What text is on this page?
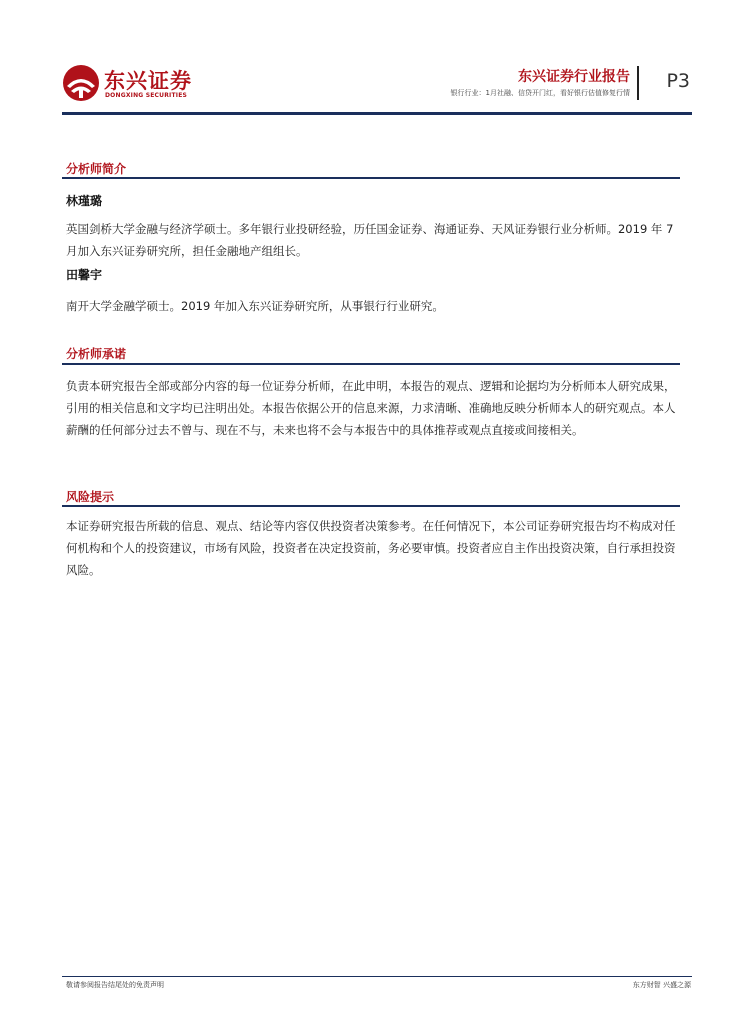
东兴证券
DONGXING SECURITIES
东兴证券行业报告
银行行业：1月社融、信贷开门红，看好银行估值修复行情
P3
分析师简介
林瑾璐
英国剑桥大学金融与经济学硕士。多年银行业投研经验，历任国金证券、海通证券、天风证券银行业分析师。2019 年 7 月加入东兴证券研究所，担任金融地产组组长。
田馨宇
南开大学金融学硕士。2019 年加入东兴证券研究所，从事银行行业研究。
分析师承诺
负责本研究报告全部或部分内容的每一位证券分析师，在此申明，本报告的观点、逻辑和论据均为分析师本人研究成果，引用的相关信息和文字均已注明出处。本报告依据公开的信息来源，力求清晰、准确地反映分析师本人的研究观点。本人薪酬的任何部分过去不曾与、现在不与，未来也将不会与本报告中的具体推荐或观点直接或间接相关。
风险提示
本证券研究报告所载的信息、观点、结论等内容仅供投资者决策参考。在任何情况下，本公司证券研究报告均不构成对任何机构和个人的投资建议，市场有风险，投资者在决定投资前，务必要审慎。投资者应自主作出投资决策，自行承担投资风险。
敬请参阅报告结尾处的免责声明	东方财智 兴盛之源
